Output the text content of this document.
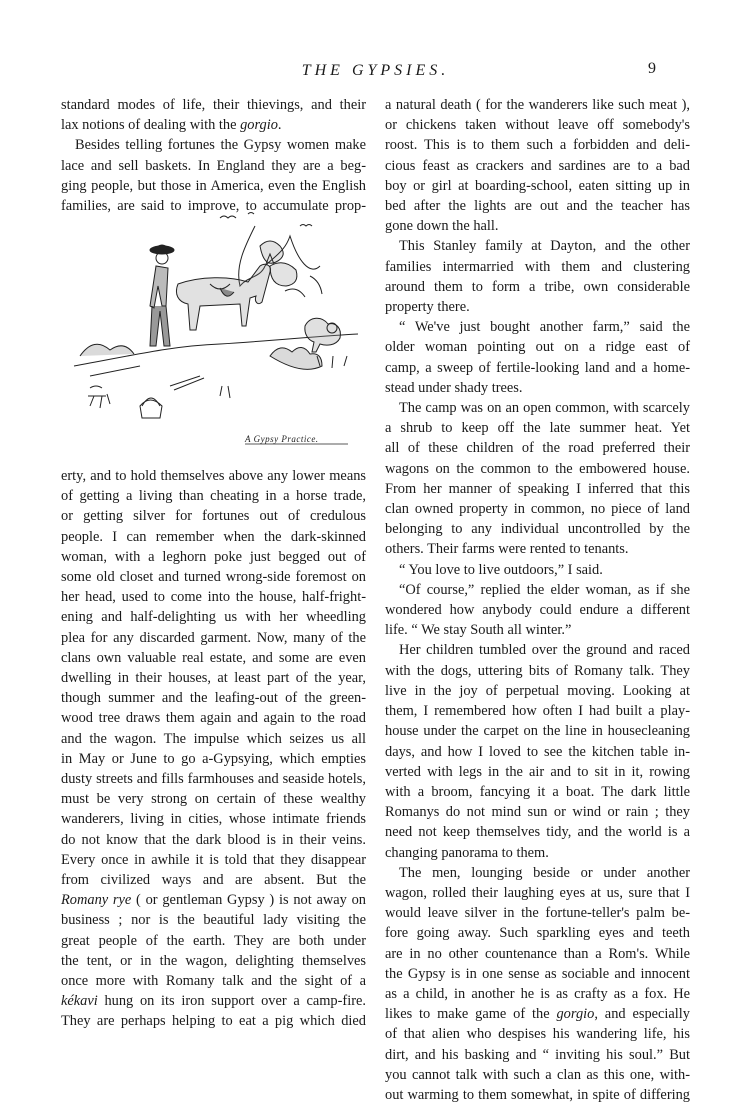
THE GYPSIES.	9
standard modes of life, their thievings, and their
lax notions of dealing with the gorgio.
Besides telling fortunes the Gypsy women make
lace and sell baskets. In England they are a beg-
ging people, but those in America, even the English
families, are said to improve, to accumulate prop-
A Gypsy Practice.
erty, and to hold themselves above any lower means
of getting a living than cheating in a horse trade,
or getting silver for fortunes out of credulous
people. I can remember when the dark-skinned
woman, with a leghorn poke just begged out of
some old closet and turned wrong-side foremost on
her head, used to come into the house, half-fright-
ening and half-delighting us with her wheedling
plea for any discarded garment. Now, many of the
clans own valuable real estate, and some are even
dwelling in their houses, at least part of the year,
though summer and the leafing-out of the green-
wood tree draws them again and again to the road
and the wagon. The impulse which seizes us all
in May or June to go a-Gypsying, which empties
dusty streets and fills farmhouses and seaside hotels,
must be very strong on certain of these wealthy
wanderers, living in cities, whose intimate friends
do not know that the dark blood is in their veins.
Every once in awhile it is told that they disappear
from civilized ways and are absent. But the
Romany rye ( or gentleman Gypsy ) is not away on
business ; nor is the beautiful lady visiting the
great people of the earth. They are both under
the tent, or in the wagon, delighting themselves
once more with Romany talk and the sight of a
kékavi hung on its iron support over a camp-fire.
They are perhaps helping to eat a pig which died
a natural death ( for the wanderers like such meat ),
or chickens taken without leave off somebody's
roost. This is to them such a forbidden and deli-
cious feast as crackers and sardines are to a bad
boy or girl at boarding-school, eaten sitting up in
bed after the lights are out and the teacher has
gone down the hall.
This Stanley family at Dayton, and the other
families intermarried with them and clustering
around them to form a tribe, own considerable
property there.
“ We've just bought another farm,” said the
older woman pointing out on a ridge east of
camp, a sweep of fertile-looking land and a home-
stead under shady trees.
The camp was on an open common, with scarcely
a shrub to keep off the late summer heat. Yet
all of these children of the road preferred their
wagons on the common to the embowered house.
From her manner of speaking I inferred that this
clan owned property in common, no piece of land
belonging to any individual uncontrolled by the
others. Their farms were rented to tenants.
“ You love to live outdoors,” I said.
“Of course,” replied the elder woman, as if she
wondered how anybody could endure a different
life. “ We stay South all winter.”
Her children tumbled over the ground and raced
with the dogs, uttering bits of Romany talk. They
live in the joy of perpetual moving. Looking at
them, I remembered how often I had built a play-
house under the carpet on the line in housecleaning
days, and how I loved to see the kitchen table in-
verted with legs in the air and to sit in it, rowing
with a broom, fancying it a boat. The dark little
Romanys do not mind sun or wind or rain ; they
need not keep themselves tidy, and the world is a
changing panorama to them.
The men, lounging beside or under another
wagon, rolled their laughing eyes at us, sure that I
would leave silver in the fortune-teller's palm be-
fore going away. Such sparkling eyes and teeth
are in no other countenance than a Rom's. While
the Gypsy is in one sense as sociable and innocent
as a child, in another he is as crafty as a fox. He
likes to make game of the gorgio, and especially
of that alien who despises his wandering life, his
dirt, and his basking and “ inviting his soul.” But
you cannot talk with such a clan as this one, with-
out warming to them somewhat, in spite of differing
